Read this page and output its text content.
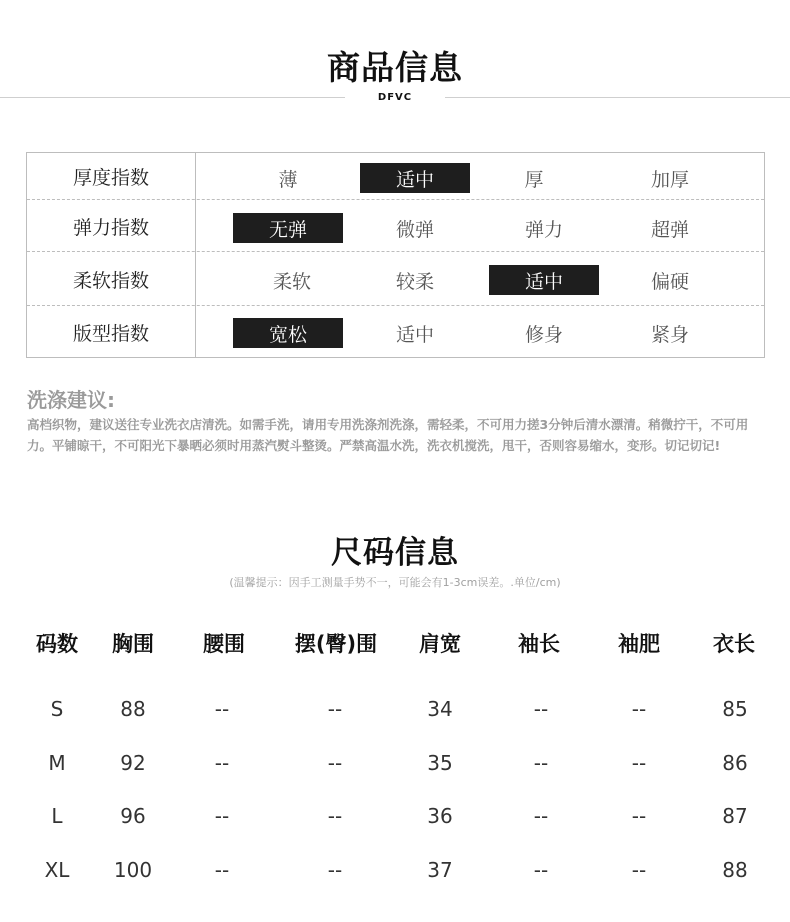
商品信息
DFVC
厚度指数	薄	适中	厚	加厚
弹力指数	无弹	微弹	弹力	超弹
柔软指数	柔软	较柔	适中	偏硬
版型指数	宽松	适中	修身	紧身
洗涤建议:
高档织物，建议送往专业洗衣店清洗。如需手洗，请用专用洗涤剂洗涤，需轻柔，不可用力搓3分钟后清水漂清。稍微拧干，不可用力。平铺晾干，不可阳光下暴晒必须时用蒸汽熨斗整烫。严禁高温水洗，洗衣机搅洗，甩干，否则容易缩水，变形。切记切记!
尺码信息
(温馨提示：因手工测量手势不一，可能会有1-3cm误差。.单位/cm)
码数	胸围	腰围	摆(臀)围	肩宽	袖长	袖肥	衣长
S	88	--	--	34	--	--	85
M	92	--	--	35	--	--	86
L	96	--	--	36	--	--	87
XL	100	--	--	37	--	--	88
